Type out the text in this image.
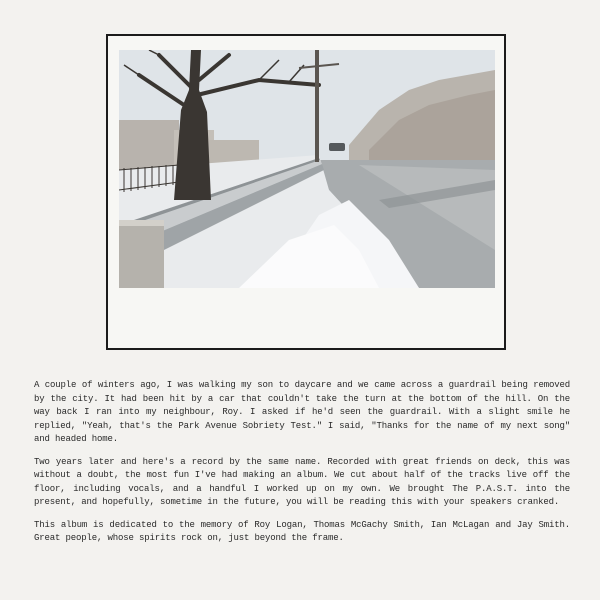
A couple of winters ago, I was walking my son to daycare and we came across a guardrail being removed by the city. It had been hit by a car that couldn't take the turn at the bottom of the hill. On the way back I ran into my neighbour, Roy. I asked if he'd seen the guardrail. With a slight smile he replied, "Yeah, that's the Park Avenue Sobriety Test." I said, "Thanks for the name of my next song" and headed home.

Two years later and here's a record by the same name. Recorded with great friends on deck, this was without a doubt, the most fun I've had making an album. We cut about half of the tracks live off the floor, including vocals, and a handful I worked up on my own. We brought The P.A.S.T. into the present, and hopefully, sometime in the future, you will be reading this with your speakers cranked.

This album is dedicated to the memory of Roy Logan, Thomas McGachy Smith, Ian McLagan and Jay Smith. Great people, whose spirits rock on, just beyond the frame.
